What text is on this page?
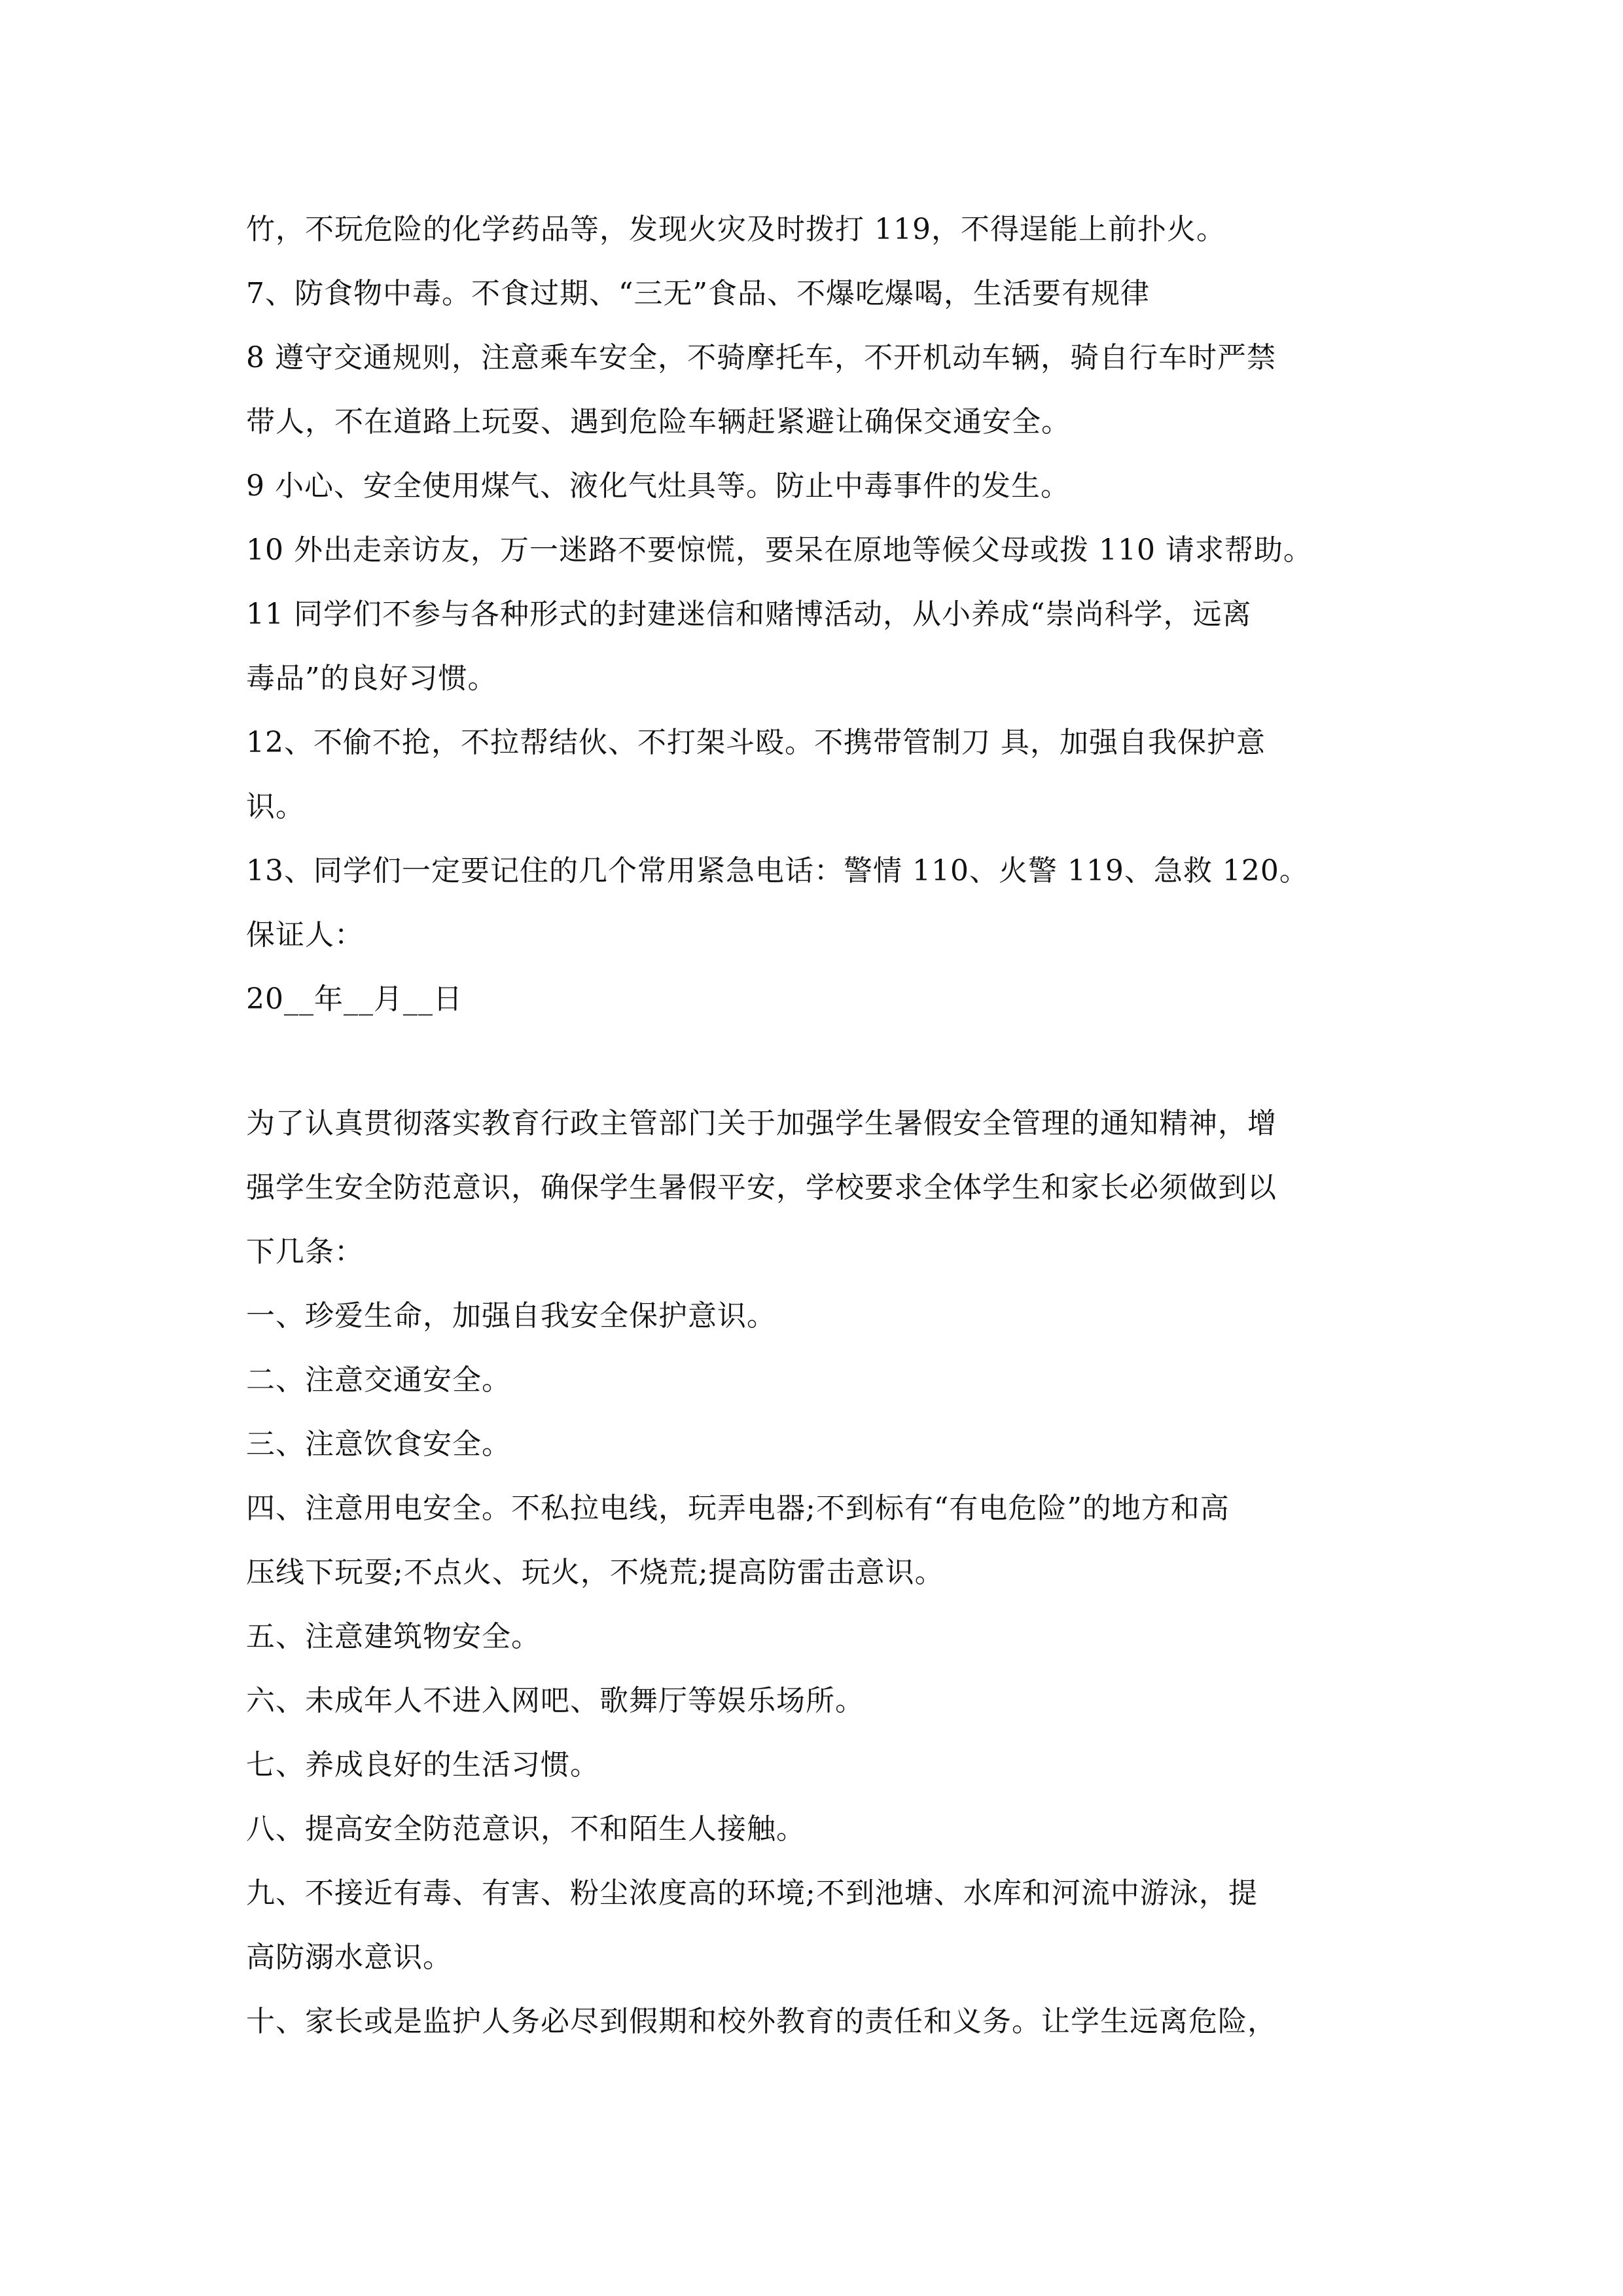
竹，不玩危险的化学药品等，发现火灾及时拨打 119，不得逞能上前扑火。
7、防食物中毒。不食过期、“三无”食品、不爆吃爆喝，生活要有规律
8 遵守交通规则，注意乘车安全，不骑摩托车，不开机动车辆，骑自行车时严禁
带人，不在道路上玩耍、遇到危险车辆赶紧避让确保交通安全。
9 小心、安全使用煤气、液化气灶具等。防止中毒事件的发生。
10 外出走亲访友，万一迷路不要惊慌，要呆在原地等候父母或拨 110 请求帮助。
11 同学们不参与各种形式的封建迷信和赌博活动，从小养成“崇尚科学，远离
毒品”的良好习惯。
12、不偷不抢，不拉帮结伙、不打架斗殴。不携带管制刀 具，加强自我保护意
识。
13、同学们一定要记住的几个常用紧急电话：警情 110、火警 119、急救 120。
保证人：
20__年__月__日
为了认真贯彻落实教育行政主管部门关于加强学生暑假安全管理的通知精神，增
强学生安全防范意识，确保学生暑假平安，学校要求全体学生和家长必须做到以
下几条：
一、珍爱生命，加强自我安全保护意识。
二、注意交通安全。
三、注意饮食安全。
四、注意用电安全。不私拉电线，玩弄电器;不到标有“有电危险”的地方和高
压线下玩耍;不点火、玩火，不烧荒;提高防雷击意识。
五、注意建筑物安全。
六、未成年人不进入网吧、歌舞厅等娱乐场所。
七、养成良好的生活习惯。
八、提高安全防范意识，不和陌生人接触。
九、不接近有毒、有害、粉尘浓度高的环境;不到池塘、水库和河流中游泳，提
高防溺水意识。
十、家长或是监护人务必尽到假期和校外教育的责任和义务。让学生远离危险，
